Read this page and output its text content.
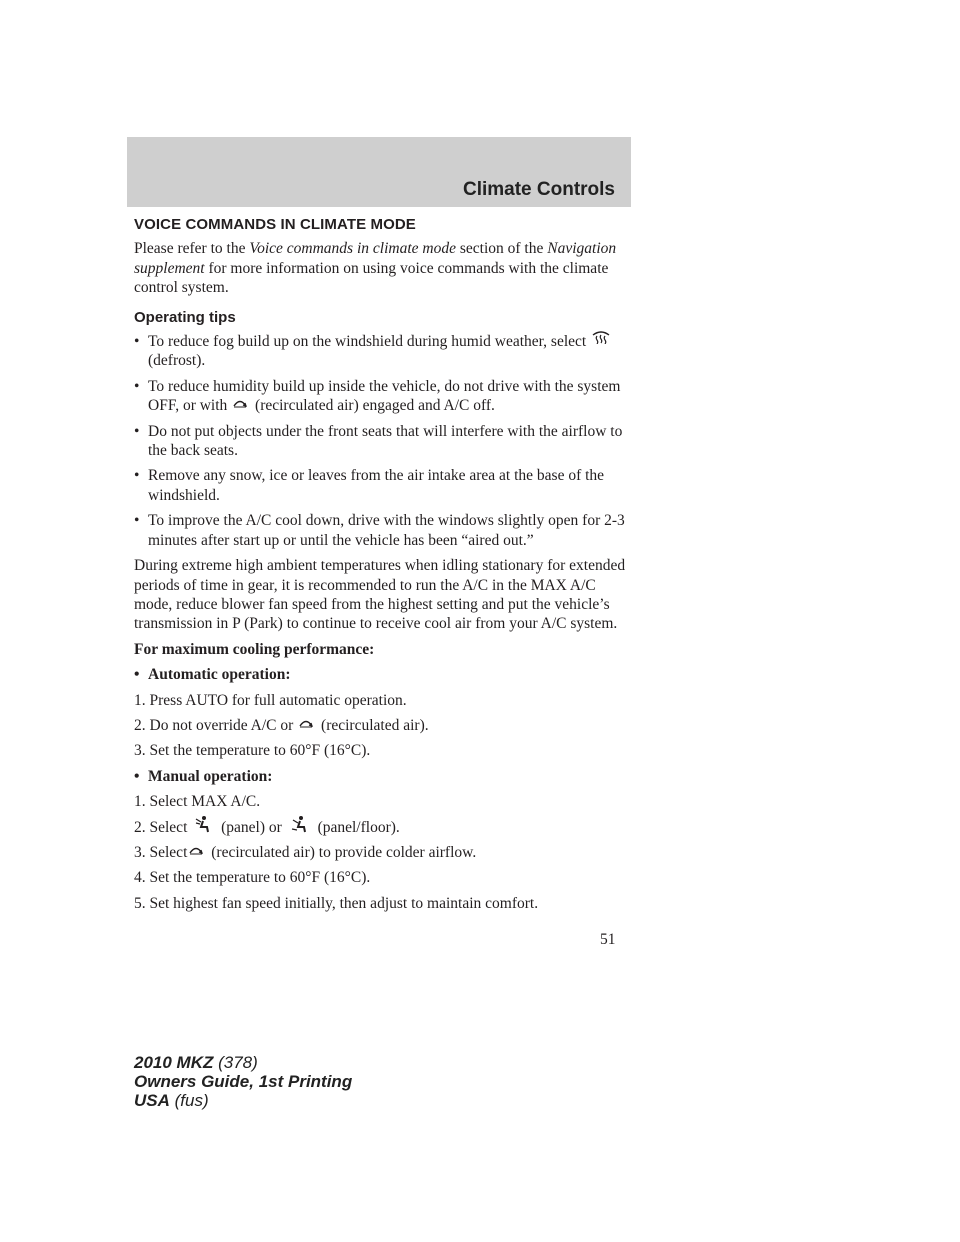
Climate Controls
VOICE COMMANDS IN CLIMATE MODE

Please refer to the Voice commands in climate mode section of the Navigation supplement for more information on using voice commands with the climate control system.

Operating tips
• To reduce fog build up on the windshield during humid weather, select  (defrost).
• To reduce humidity build up inside the vehicle, do not drive with the system OFF, or with  (recirculated air) engaged and A/C off.
• Do not put objects under the front seats that will interfere with the airflow to the back seats.
• Remove any snow, ice or leaves from the air intake area at the base of the windshield.
• To improve the A/C cool down, drive with the windows slightly open for 2-3 minutes after start up or until the vehicle has been “aired out.”

During extreme high ambient temperatures when idling stationary for extended periods of time in gear, it is recommended to run the A/C in the MAX A/C mode, reduce blower fan speed from the highest setting and put the vehicle’s transmission in P (Park) to continue to receive cool air from your A/C system.

For maximum cooling performance:

• Automatic operation:

1. Press AUTO for full automatic operation.

2. Do not override A/C or  (recirculated air).

3. Set the temperature to 60°F (16°C).

• Manual operation:

1. Select MAX A/C.

2. Select  (panel) or  (panel/floor).

3. Select (recirculated air) to provide colder airflow.

4. Set the temperature to 60°F (16°C).

5. Set highest fan speed initially, then adjust to maintain comfort.

51
2010 MKZ (378)
Owners Guide, 1st Printing
USA (fus)
